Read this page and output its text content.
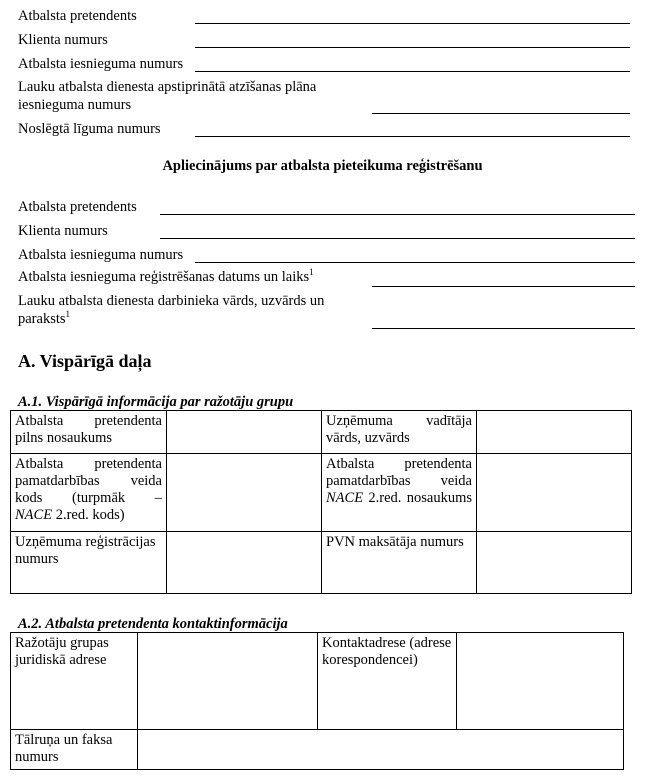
Atbalsta pretendents
Klienta numurs
Atbalsta iesnieguma numurs
Lauku atbalsta dienesta apstiprinātā atzīšanas plāna iesnieguma numurs
Noslēgtā līguma numurs
Apliecinājums par atbalsta pieteikuma reģistrēšanu
Atbalsta pretendents
Klienta numurs
Atbalsta iesnieguma numurs
Atbalsta iesnieguma reģistrēšanas datums un laiks$^1$
Lauku atbalsta dienesta darbinieka vārds, uzvārds un paraksts$^1$
A. Vispārīgā daļa
A.1. Vispārīgā informācija par ražotāju grupu
Atbalsta pretendenta pilns nosaukums		Uzņēmuma vadītāja vārds, uzvārds	

Atbalsta pretendenta pamatdarbības veida kods (turpmāk –
NACE 2.red. kods)		Atbalsta pretendenta pamatdarbības veida NACE 2.red. nosaukums	
Uzņēmuma reģistrācijas numurs		PVN maksātāja numurs	
A.2. Atbalsta pretendenta kontaktinformācija
Ražotāju grupas juridiskā adrese		Kontaktadrese (adrese korespondencei)	
Tālruņa un faksa numurs			
